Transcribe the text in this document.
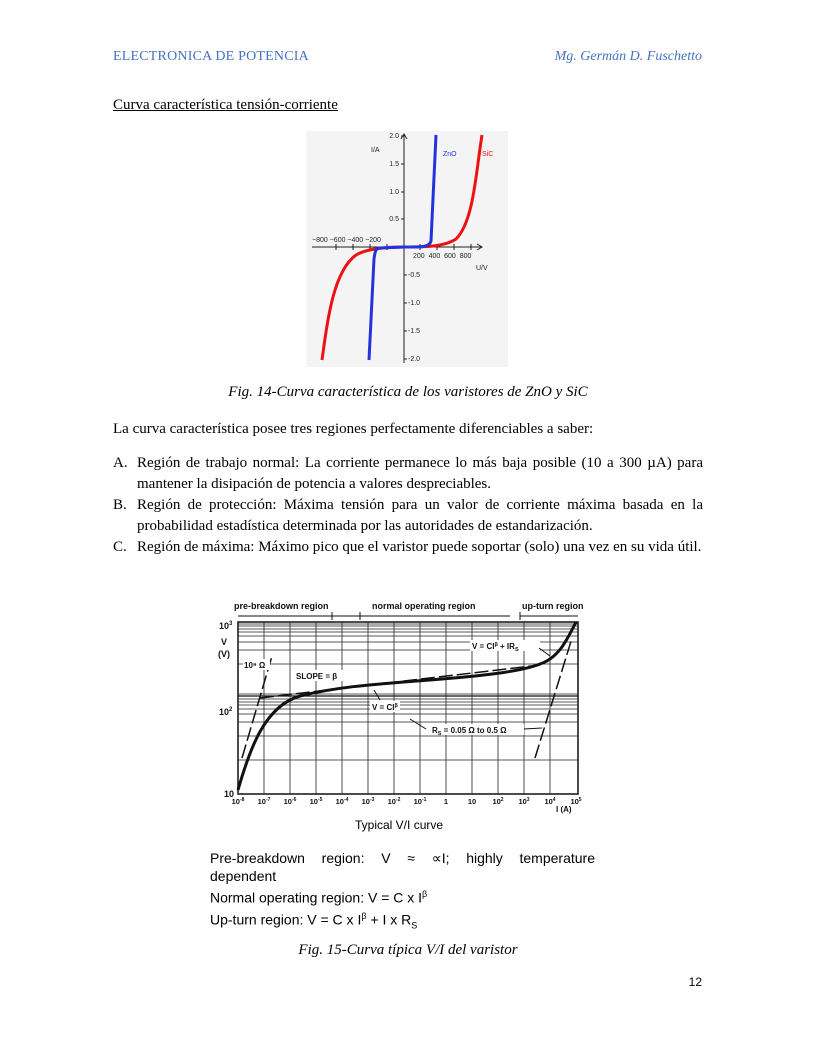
ELECTRONICA DE POTENCIA	Mg. Germán D. Fuschetto
Curva característica tensión-corriente
2.0
1.5
1.0
0.5
-0.5
-1.0
-1.5
-2.0
−800 −600 −400 −200
200  400  600  800
I/A
U/V
ZnO	SiC
Fig. 14-Curva característica de los varistores de ZnO y SiC
La curva característica posee tres regiones perfectamente diferenciables a saber:
A. Región de trabajo normal: La corriente permanece lo más baja posible (10 a 300 µA) para mantener la disipación de potencia a valores despreciables.
B. Región de protección: Máxima tensión para un valor de corriente máxima basada en la probabilidad estadística determinada por las autoridades de estandarización.
C. Región de máxima: Máximo pico que el varistor puede soportar (solo) una vez en su vida útil.
pre-breakdown region	normal operating region	up-turn region
$10^3$
V
(V)
$10^2$
10
$10^{-8}$ $10^{-7}$ $10^{-6}$ $10^{-5}$ $10^{-4}$ $10^{-3}$ $10^{-2}$ $10^{-1}$ 1	10 $10^2$ $10^3$ $10^4$ $10^5$
I (A)
10⁹ Ω
SLOPE = β
$V = CI^\beta$
$V = CI^\beta + IR_S$
$R_S = 0.05$ Ω to 0.5 Ω
Typical V/I curve
Pre-breakdown region: V ≈ ∝I; highly temperature
dependent
Normal operating region: V = C x $I^\beta$
Up-turn region: V = C x $I^\beta + I$ x $R_S$
Fig. 15-Curva típica V/I del varistor
12
